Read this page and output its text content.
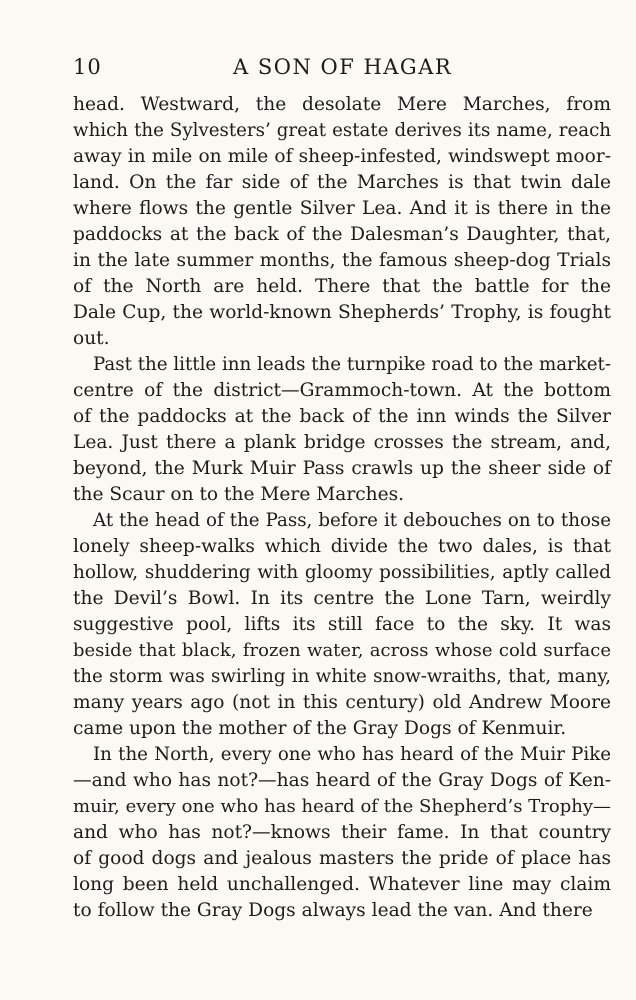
10	A SON OF HAGAR
head. Westward, the desolate Mere Marches, from
which the Sylvesters’ great estate derives its name, reach
away in mile on mile of sheep-infested, windswept moor-
land. On the far side of the Marches is that twin dale
where flows the gentle Silver Lea. And it is there in the
paddocks at the back of the Dalesman’s Daughter, that,
in the late summer months, the famous sheep-dog Trials
of the North are held. There that the battle for the
Dale Cup, the world-known Shepherds’ Trophy, is fought
out.
Past the little inn leads the turnpike road to the market-
centre of the district—Grammoch-town. At the bottom
of the paddocks at the back of the inn winds the Silver
Lea. Just there a plank bridge crosses the stream, and,
beyond, the Murk Muir Pass crawls up the sheer side of
the Scaur on to the Mere Marches.
At the head of the Pass, before it debouches on to those
lonely sheep-walks which divide the two dales, is that
hollow, shuddering with gloomy possibilities, aptly called
the Devil’s Bowl. In its centre the Lone Tarn, weirdly
suggestive pool, lifts its still face to the sky. It was
beside that black, frozen water, across whose cold surface
the storm was swirling in white snow-wraiths, that, many,
many years ago (not in this century) old Andrew Moore
came upon the mother of the Gray Dogs of Kenmuir.
In the North, every one who has heard of the Muir Pike
—and who has not?—has heard of the Gray Dogs of Ken-
muir, every one who has heard of the Shepherd’s Trophy—
and who has not?—knows their fame. In that country
of good dogs and jealous masters the pride of place has
long been held unchallenged. Whatever line may claim
to follow the Gray Dogs always lead the van. And there
